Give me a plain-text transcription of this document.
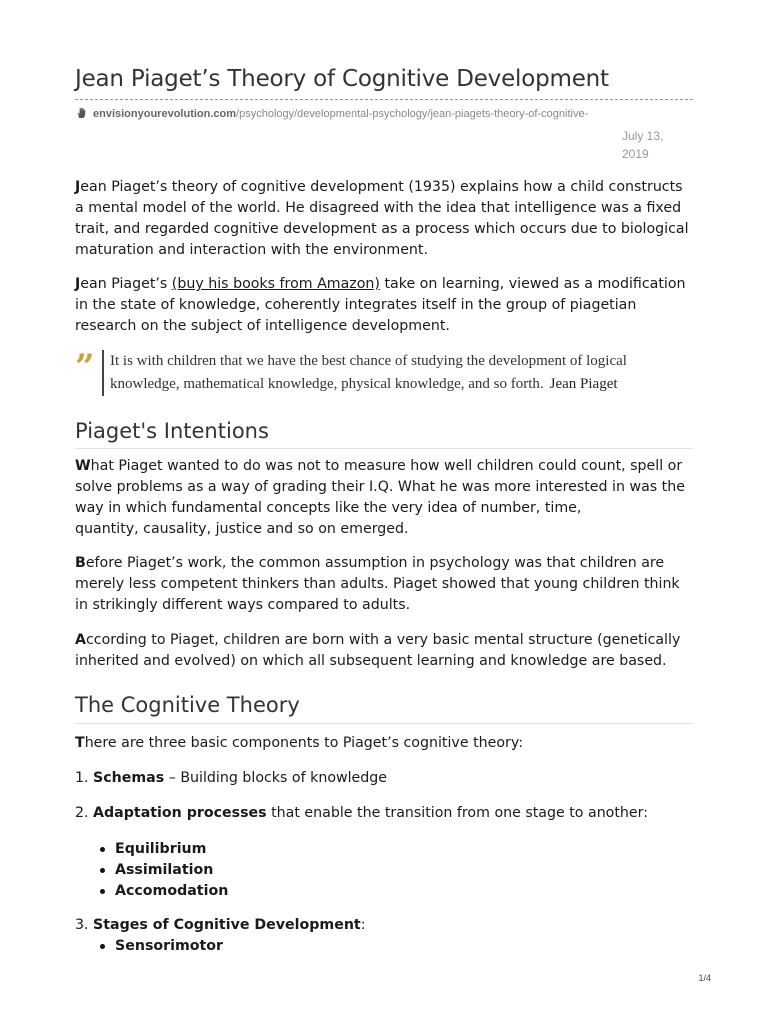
Jean Piaget’s Theory of Cognitive Development
envisionyourevolution.com/psychology/developmental-psychology/jean-piagets-theory-of-cognitive-
July 13,
2019

Jean Piaget’s theory of cognitive development (1935) explains how a child constructs a mental model of the world. He disagreed with the idea that intelligence was a fixed trait, and regarded cognitive development as a process which occurs due to biological maturation and interaction with the environment.

Jean Piaget’s (buy his books from Amazon) take on learning, viewed as a modification in the state of knowledge, coherently integrates itself in the group of piagetian research on the subject of intelligence development.

” It is with children that we have the best chance of studying the development of logical knowledge, mathematical knowledge, physical knowledge, and so forth. Jean Piaget

Piaget's Intentions

What Piaget wanted to do was not to measure how well children could count, spell or solve problems as a way of grading their I.Q. What he was more interested in was the way in which fundamental concepts like the very idea of number, time,
quantity, causality, justice and so on emerged.

Before Piaget’s work, the common assumption in psychology was that children are merely less competent thinkers than adults. Piaget showed that young children think in strikingly different ways compared to adults.

According to Piaget, children are born with a very basic mental structure (genetically inherited and evolved) on which all subsequent learning and knowledge are based.

The Cognitive Theory

There are three basic components to Piaget’s cognitive theory:

1. Schemas – Building blocks of knowledge

2. Adaptation processes that enable the transition from one stage to another:

Equilibrium
Assimilation
Accomodation

3. Stages of Cognitive Development:

Sensorimotor
1/4
